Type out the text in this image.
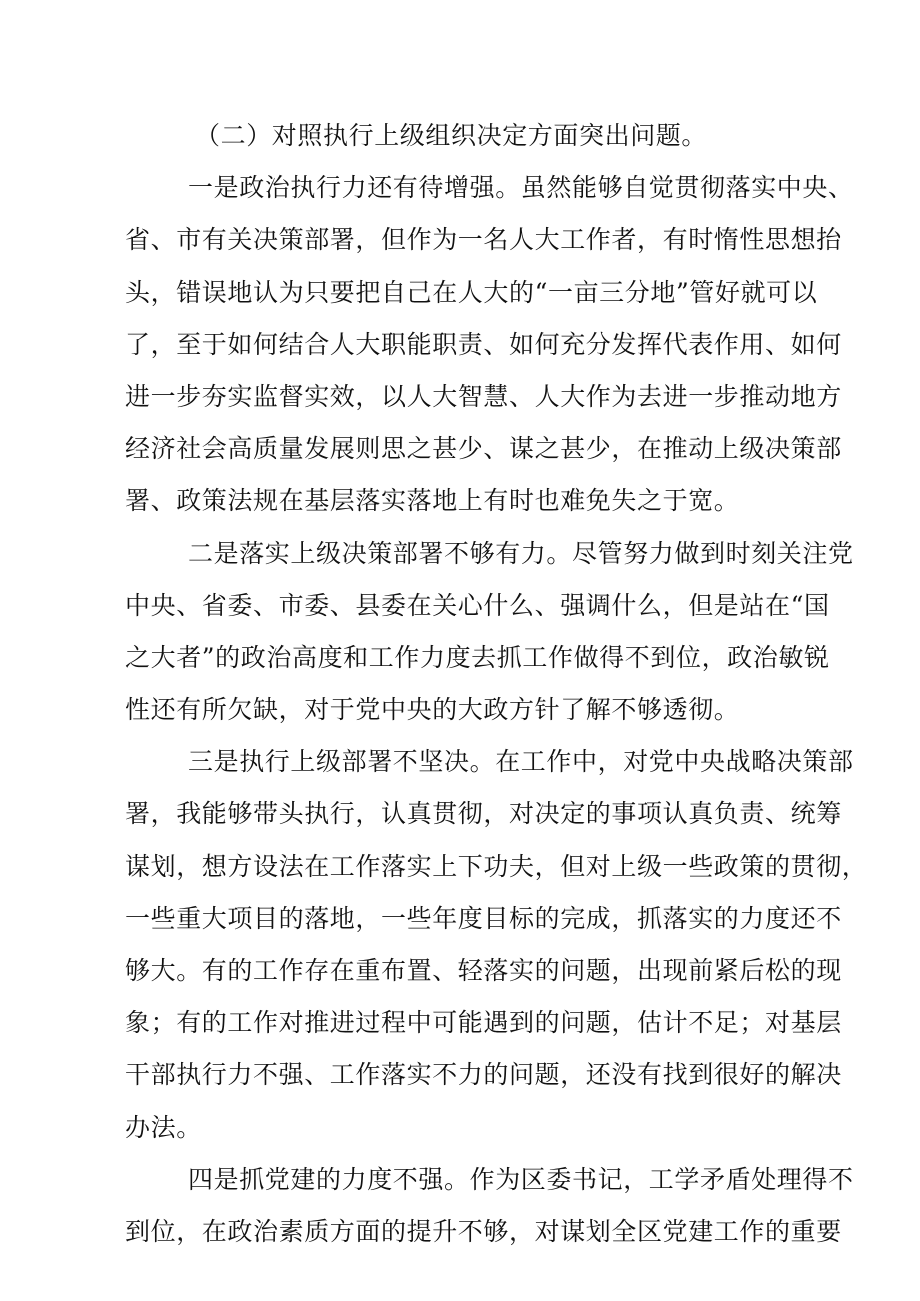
（二）对照执行上级组织决定方面突出问题。
一是政治执行力还有待增强。虽然能够自觉贯彻落实中央、
省、市有关决策部署，但作为一名人大工作者，有时惰性思想抬
头，错误地认为只要把自己在人大的“一亩三分地”管好就可以
了，至于如何结合人大职能职责、如何充分发挥代表作用、如何
进一步夯实监督实效，以人大智慧、人大作为去进一步推动地方
经济社会高质量发展则思之甚少、谋之甚少，在推动上级决策部
署、政策法规在基层落实落地上有时也难免失之于宽。
二是落实上级决策部署不够有力。尽管努力做到时刻关注党
中央、省委、市委、县委在关心什么、强调什么，但是站在“国
之大者”的政治高度和工作力度去抓工作做得不到位，政治敏锐
性还有所欠缺，对于党中央的大政方针了解不够透彻。
三是执行上级部署不坚决。在工作中，对党中央战略决策部
署，我能够带头执行，认真贯彻，对决定的事项认真负责、统筹
谋划，想方设法在工作落实上下功夫，但对上级一些政策的贯彻，
一些重大项目的落地，一些年度目标的完成，抓落实的力度还不
够大。有的工作存在重布置、轻落实的问题，出现前紧后松的现
象；有的工作对推进过程中可能遇到的问题，估计不足；对基层
干部执行力不强、工作落实不力的问题，还没有找到很好的解决
办法。
四是抓党建的力度不强。作为区委书记，工学矛盾处理得不
到位，在政治素质方面的提升不够，对谋划全区党建工作的重要
